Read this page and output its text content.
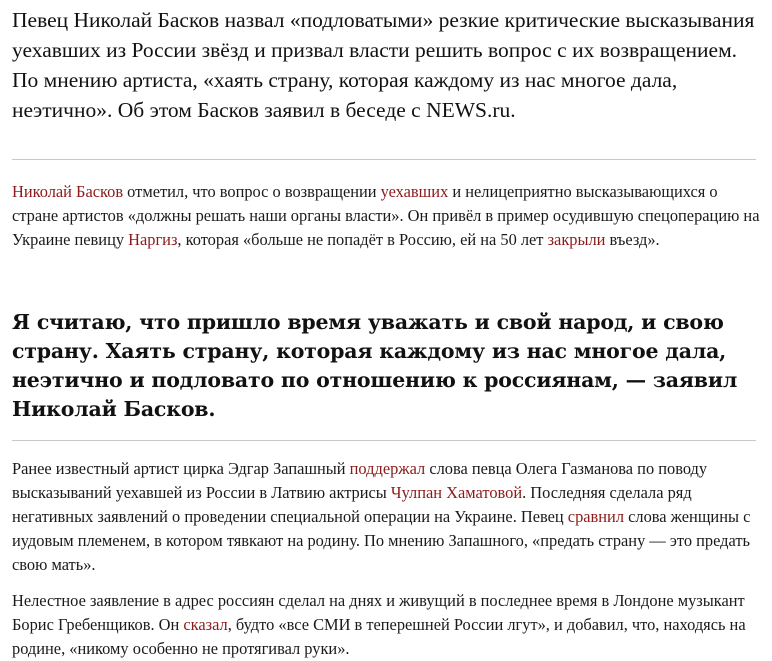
Певец Николай Басков назвал «подловатыми» резкие критические высказывания уехавших из России звёзд и призвал власти решить вопрос с их возвращением. По мнению артиста, «хаять страну, которая каждому из нас многое дала, неэтично». Об этом Басков заявил в беседе с NEWS.ru.

Николай Басков отметил, что вопрос о возвращении уехавших и нелицеприятно высказывающихся о стране артистов «должны решать наши органы власти». Он привёл в пример осудившую спецоперацию на Украине певицу Наргиз, которая «больше не попадёт в Россию, ей на 50 лет закрыли въезд».

Я считаю, что пришло время уважать и свой народ, и свою страну. Хаять страну, которая каждому из нас многое дала, неэтично и подловато по отношению к россиянам, — заявил Николай Басков.

Ранее известный артист цирка Эдгар Запашный поддержал слова певца Олега Газманова по поводу высказываний уехавшей из России в Латвию актрисы Чулпан Хаматовой. Последняя сделала ряд негативных заявлений о проведении специальной операции на Украине. Певец сравнил слова женщины с иудовым племенем, в котором тявкают на родину. По мнению Запашного, «предать страну — это предать свою мать».

Нелестное заявление в адрес россиян сделал на днях и живущий в последнее время в Лондоне музыкант Борис Гребенщиков. Он сказал, будто «все СМИ в теперешней России лгут», и добавил, что, находясь на родине, «никому особенно не протягивал руки».
